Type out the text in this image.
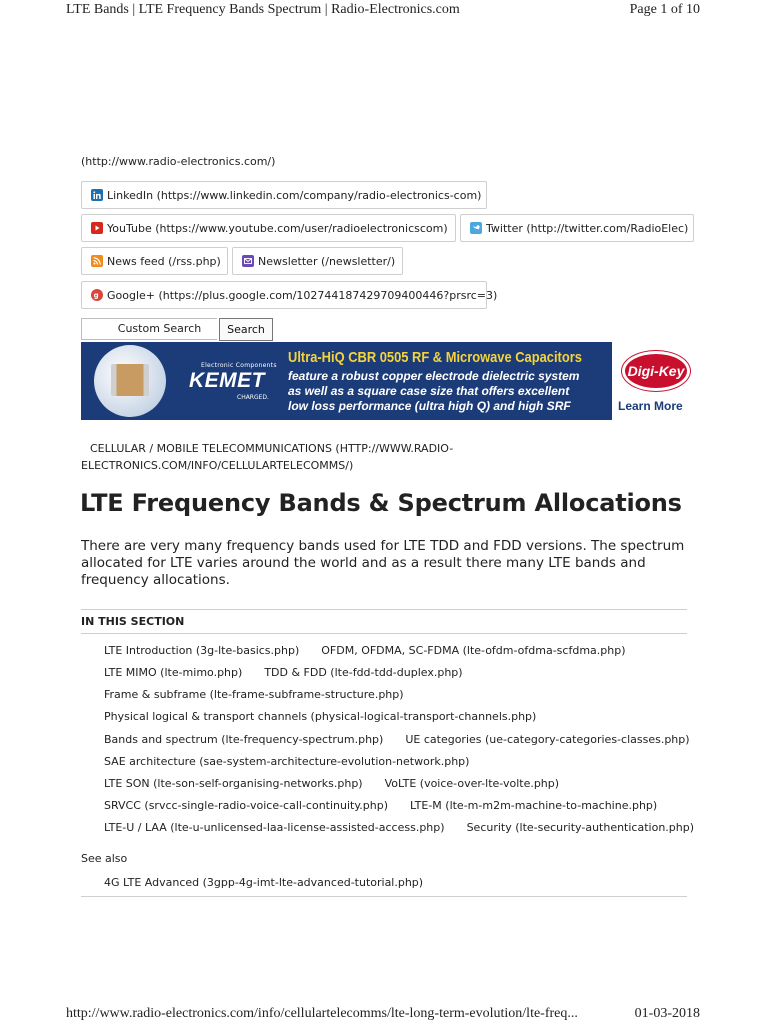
LTE Bands | LTE Frequency Bands Spectrum | Radio-Electronics.com	Page 1 of 10
(http://www.radio-electronics.com/)
LinkedIn (https://www.linkedin.com/company/radio-electronics-com)
YouTube (https://www.youtube.com/user/radioelectronicscom)	Twitter (http://twitter.com/RadioElec)
News feed (/rss.php)	Newsletter (/newsletter/)
g Google+ (https://plus.google.com/102744187429709400446?prsrc=3)
Custom Search	Search
Electronic Components
KEMET
CHARGED.
Ultra-HiQ CBR 0505 RF & Microwave Capacitors
feature a robust copper electrode dielectric system as well as a square case size that offers excellent low loss performance (ultra high Q) and high SRF
Digi-Key
Learn More
CELLULAR / MOBILE TELECOMMUNICATIONS (HTTP://WWW.RADIO-
ELECTRONICS.COM/INFO/CELLULARTELECOMMS/)
LTE Frequency Bands & Spectrum Allocations

There are very many frequency bands used for LTE TDD and FDD versions. The spectrum allocated for LTE varies around the world and as a result there many LTE bands and frequency allocations.

IN THIS SECTION
LTE Introduction (3g-lte-basics.php) OFDM, OFDMA, SC-FDMA (lte-ofdm-ofdma-scfdma.php)
LTE MIMO (lte-mimo.php) TDD & FDD (lte-fdd-tdd-duplex.php)
Frame & subframe (lte-frame-subframe-structure.php)
Physical logical & transport channels (physical-logical-transport-channels.php)
Bands and spectrum (lte-frequency-spectrum.php) UE categories (ue-category-categories-classes.php)
SAE architecture (sae-system-architecture-evolution-network.php)
LTE SON (lte-son-self-organising-networks.php) VoLTE (voice-over-lte-volte.php)
SRVCC (srvcc-single-radio-voice-call-continuity.php) LTE-M (lte-m-m2m-machine-to-machine.php)
LTE-U / LAA (lte-u-unlicensed-laa-license-assisted-access.php) Security (lte-security-authentication.php)
See also
4G LTE Advanced (3gpp-4g-imt-lte-advanced-tutorial.php)
http://www.radio-electronics.com/info/cellulartelecomms/lte-long-term-evolution/lte-freq...	01-03-2018
